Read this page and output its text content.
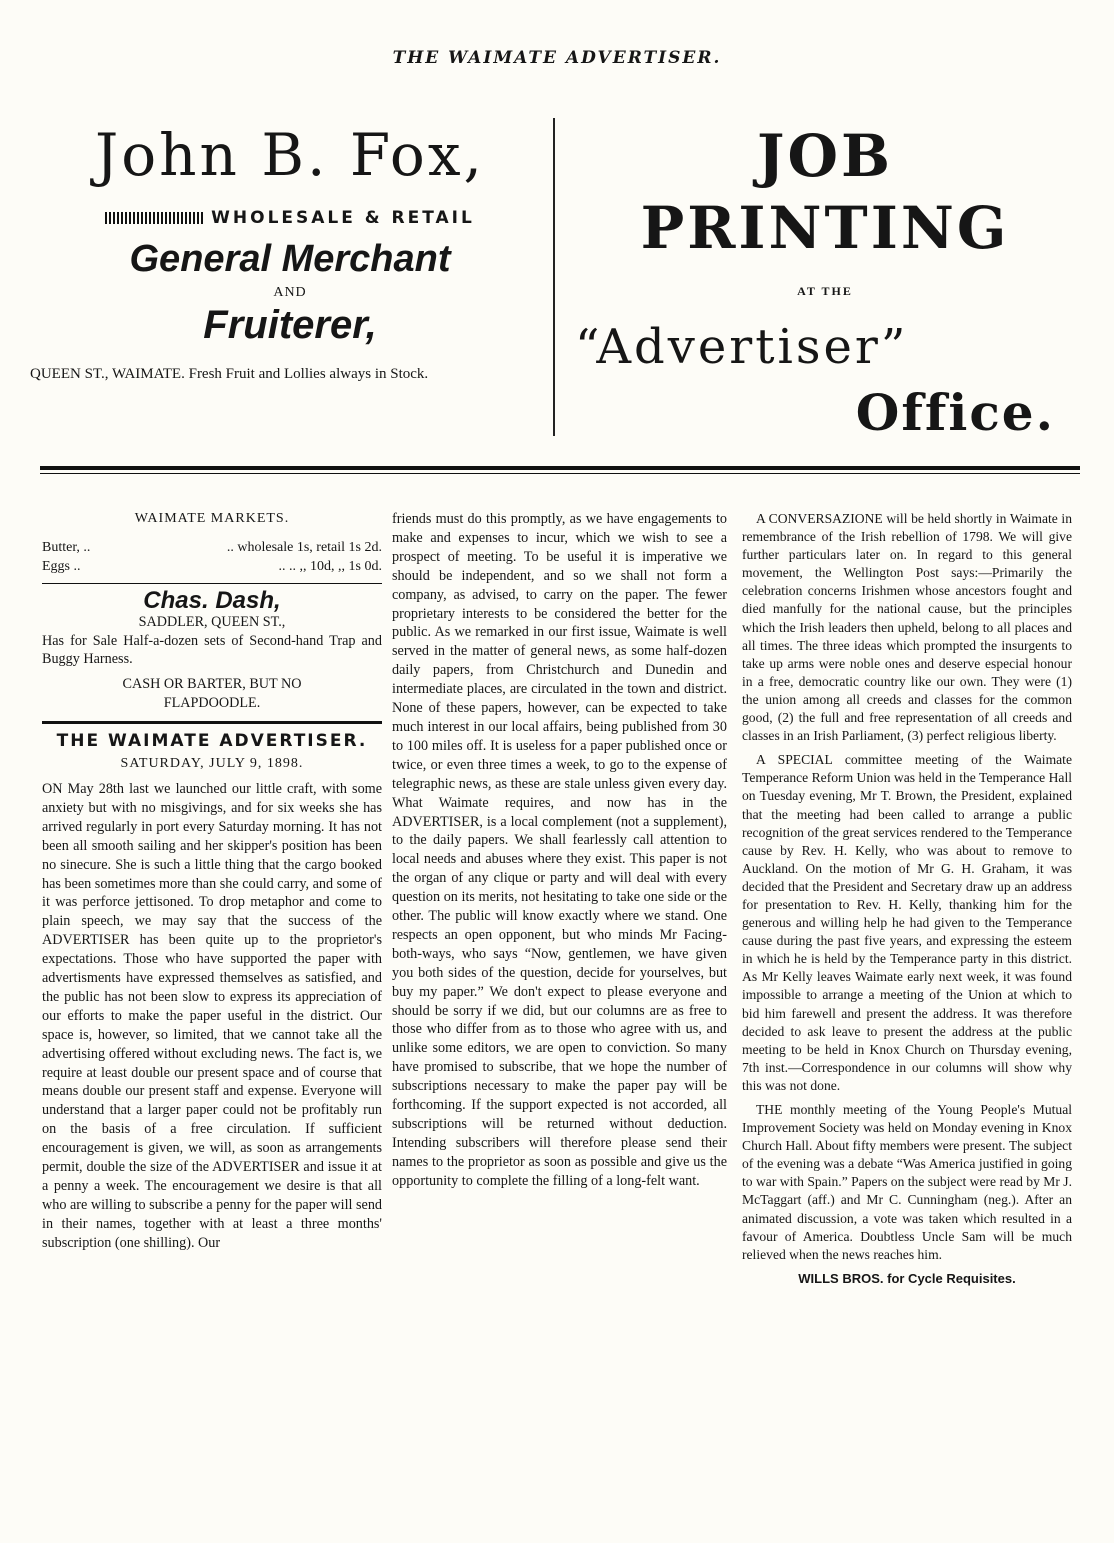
THE WAIMATE ADVERTISER.
John B. Fox,
WHOLESALE & RETAIL
General Merchant
AND
Fruiterer,
QUEEN ST., WAIMATE. Fresh Fruit and Lollies always in Stock.
JOB PRINTING
AT THE
“Advertiser”
Office.
WAIMATE MARKETS.
Butter, ..	.. wholesale 1s, retail 1s 2d.
Eggs ..	.. .. ,, 10d, ,, 1s 0d.
Chas. Dash,
SADDLER, QUEEN ST.,

Has for Sale Half-a-dozen sets of Second-hand Trap and Buggy Harness.

CASH OR BARTER, BUT NO FLAPDOODLE.
THE WAIMATE ADVERTISER.
SATURDAY, JULY 9, 1898.

ON May 28th last we launched our little craft, with some anxiety but with no misgivings, and for six weeks she has arrived regularly in port every Saturday morning. It has not been all smooth sailing and her skipper's position has been no sinecure. She is such a little thing that the cargo booked has been sometimes more than she could carry, and some of it was perforce jettisoned. To drop metaphor and come to plain speech, we may say that the success of the ADVERTISER has been quite up to the proprietor's expectations. Those who have supported the paper with advertisments have expressed themselves as satisfied, and the public has not been slow to express its appreciation of our efforts to make the paper useful in the district. Our space is, however, so limited, that we cannot take all the advertising offered without excluding news. The fact is, we require at least double our present space and of course that means double our present staff and expense. Everyone will understand that a larger paper could not be profitably run on the basis of a free circulation. If sufficient encouragement is given, we will, as soon as arrangements permit, double the size of the ADVERTISER and issue it at a penny a week. The encouragement we desire is that all who are willing to subscribe a penny for the paper will send in their names, together with at least a three months' subscription (one shilling). Our

friends must do this promptly, as we have engagements to make and expenses to incur, which we wish to see a prospect of meeting. To be useful it is imperative we should be independent, and so we shall not form a company, as advised, to carry on the paper. The fewer proprietary interests to be considered the better for the public. As we remarked in our first issue, Waimate is well served in the matter of general news, as some half-dozen daily papers, from Christchurch and Dunedin and intermediate places, are circulated in the town and district. None of these papers, however, can be expected to take much interest in our local affairs, being published from 30 to 100 miles off. It is useless for a paper published once or twice, or even three times a week, to go to the expense of telegraphic news, as these are stale unless given every day. What Waimate requires, and now has in the ADVERTISER, is a local complement (not a supplement), to the daily papers. We shall fearlessly call attention to local needs and abuses where they exist. This paper is not the organ of any clique or party and will deal with every question on its merits, not hesitating to take one side or the other. The public will know exactly where we stand. One respects an open opponent, but who minds Mr Facing-both-ways, who says “Now, gentlemen, we have given you both sides of the question, decide for yourselves, but buy my paper.” We don't expect to please everyone and should be sorry if we did, but our columns are as free to those who differ from as to those who agree with us, and unlike some editors, we are open to conviction. So many have promised to subscribe, that we hope the number of subscriptions necessary to make the paper pay will be forthcoming. If the support expected is not accorded, all subscriptions will be returned without deduction. Intending subscribers will therefore please send their names to the proprietor as soon as possible and give us the opportunity to complete the filling of a long-felt want.

A CONVERSAZIONE will be held shortly in Waimate in remembrance of the Irish rebellion of 1798. We will give further particulars later on. In regard to this general movement, the Wellington Post says:—Primarily the celebration concerns Irishmen whose ancestors fought and died manfully for the national cause, but the principles which the Irish leaders then upheld, belong to all places and all times. The three ideas which prompted the insurgents to take up arms were noble ones and deserve especial honour in a free, democratic country like our own. They were (1) the union among all creeds and classes for the common good, (2) the full and free representation of all creeds and classes in an Irish Parliament, (3) perfect religious liberty.

A SPECIAL committee meeting of the Waimate Temperance Reform Union was held in the Temperance Hall on Tuesday evening, Mr T. Brown, the President, explained that the meeting had been called to arrange a public recognition of the great services rendered to the Temperance cause by Rev. H. Kelly, who was about to remove to Auckland. On the motion of Mr G. H. Graham, it was decided that the President and Secretary draw up an address for presentation to Rev. H. Kelly, thanking him for the generous and willing help he had given to the Temperance cause during the past five years, and expressing the esteem in which he is held by the Temperance party in this district. As Mr Kelly leaves Waimate early next week, it was found impossible to arrange a meeting of the Union at which to bid him farewell and present the address. It was therefore decided to ask leave to present the address at the public meeting to be held in Knox Church on Thursday evening, 7th inst.—Correspondence in our columns will show why this was not done.

THE monthly meeting of the Young People's Mutual Improvement Society was held on Monday evening in Knox Church Hall. About fifty members were present. The subject of the evening was a debate “Was America justified in going to war with Spain.” Papers on the subject were read by Mr J. McTaggart (aff.) and Mr C. Cunningham (neg.). After an animated discussion, a vote was taken which resulted in a favour of America. Doubtless Uncle Sam will be much relieved when the news reaches him.

WILLS BROS. for Cycle Requisites.
